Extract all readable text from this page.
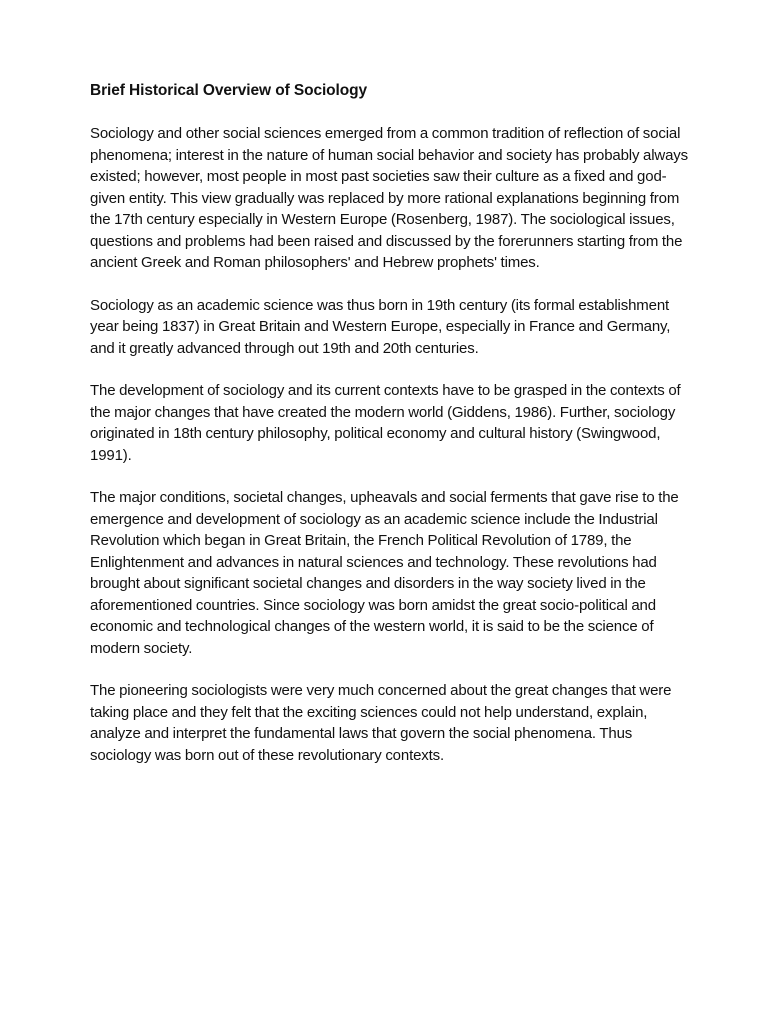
Brief Historical Overview of Sociology

Sociology and other social sciences emerged from a common tradition of reflection of social phenomena; interest in the nature of human social behavior and society has probably always existed; however, most people in most past societies saw their culture as a fixed and god-given entity. This view gradually was replaced by more rational explanations beginning from the 17th century especially in Western Europe (Rosenberg, 1987). The sociological issues, questions and problems had been raised and discussed by the forerunners starting from the ancient Greek and Roman philosophers' and Hebrew prophets' times.

Sociology as an academic science was thus born in 19th century (its formal establishment year being 1837) in Great Britain and Western Europe, especially in France and Germany, and it greatly advanced through out 19th and 20th centuries.

The development of sociology and its current contexts have to be grasped in the contexts of the major changes that have created the modern world (Giddens, 1986). Further, sociology originated in 18th century philosophy, political economy and cultural history (Swingwood, 1991).

The major conditions, societal changes, upheavals and social ferments that gave rise to the emergence and development of sociology as an academic science include the Industrial Revolution which began in Great Britain, the French Political Revolution of 1789, the Enlightenment and advances in natural sciences and technology. These revolutions had brought about significant societal changes and disorders in the way society lived in the aforementioned countries. Since sociology was born amidst the great socio-political and economic and technological changes of the western world, it is said to be the science of modern society.

The pioneering sociologists were very much concerned about the great changes that were taking place and they felt that the exciting sciences could not help understand, explain, analyze and interpret the fundamental laws that govern the social phenomena. Thus sociology was born out of these revolutionary contexts.
